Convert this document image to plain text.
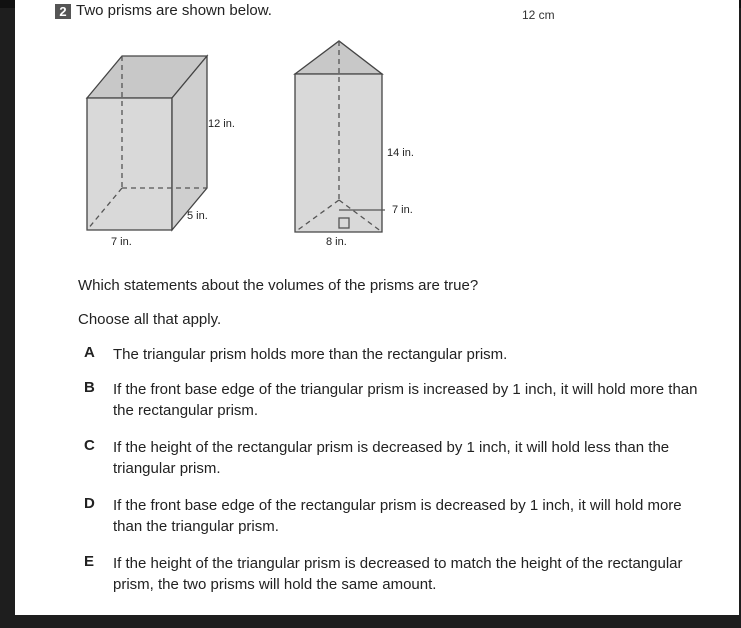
2 Two prisms are shown below.	12 cm
12 in.
5 in.
7 in.
14 in.
7 in.
8 in.
Which statements about the volumes of the prisms are true?
Choose all that apply.
A	The triangular prism holds more than the rectangular prism.
B	If the front base edge of the triangular prism is increased by 1 inch, it will hold more than the rectangular prism.
C	If the height of the rectangular prism is decreased by 1 inch, it will hold less than the triangular prism.
D	If the front base edge of the rectangular prism is decreased by 1 inch, it will hold more than the triangular prism.
E	If the height of the triangular prism is decreased to match the height of the rectangular prism, the two prisms will hold the same amount.
